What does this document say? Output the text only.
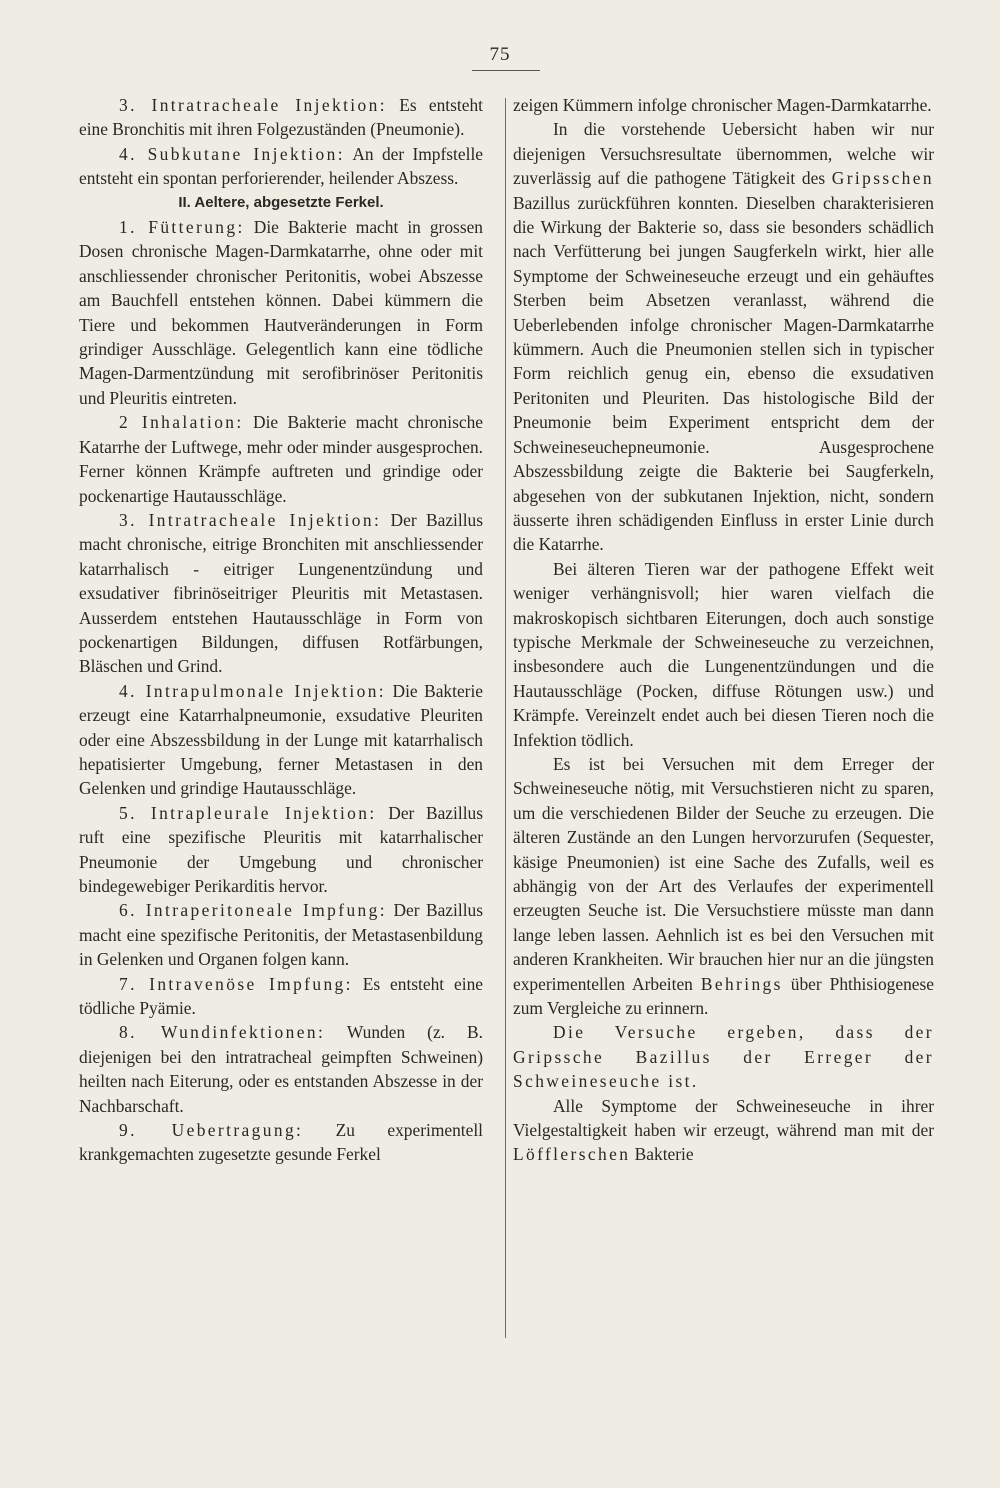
75

3. Intratracheale Injektion: Es entsteht eine Bronchitis mit ihren Folgezuständen (Pneumonie).

4. Subkutane Injektion: An der Impfstelle entsteht ein spontan perforierender, heilender Abszess.

II. Aeltere, abgesetzte Ferkel.

1. Fütterung: Die Bakterie macht in grossen Dosen chronische Magen-Darmkatarrhe, ohne oder mit anschliessender chronischer Peritonitis, wobei Abszesse am Bauchfell entstehen können. Dabei kümmern die Tiere und bekommen Hautveränderungen in Form grindiger Ausschläge. Gelegentlich kann eine tödliche Magen-Darmentzündung mit serofibrinöser Peritonitis und Pleuritis eintreten.

2 Inhalation: Die Bakterie macht chronische Katarrhe der Luftwege, mehr oder minder ausgesprochen. Ferner können Krämpfe auftreten und grindige oder pockenartige Hautausschläge.

3. Intratracheale Injektion: Der Bazillus macht chronische, eitrige Bronchiten mit anschliessender katarrhalisch - eitriger Lungenentzündung und exsudativer fibrinöseitriger Pleuritis mit Metastasen. Ausserdem entstehen Hautausschläge in Form von pockenartigen Bildungen, diffusen Rotfärbungen, Bläschen und Grind.

4. Intrapulmonale Injektion: Die Bakterie erzeugt eine Katarrhalpneumonie, exsudative Pleuriten oder eine Abszessbildung in der Lunge mit katarrhalisch hepatisierter Umgebung, ferner Metastasen in den Gelenken und grindige Hautausschläge.

5. Intrapleurale Injektion: Der Bazillus ruft eine spezifische Pleuritis mit katarrhalischer Pneumonie der Umgebung und chronischer bindegewebiger Perikarditis hervor.

6. Intraperitoneale Impfung: Der Bazillus macht eine spezifische Peritonitis, der Metastasenbildung in Gelenken und Organen folgen kann.

7. Intravenöse Impfung: Es entsteht eine tödliche Pyämie.

8. Wundinfektionen: Wunden (z. B. diejenigen bei den intratracheal geimpften Schweinen) heilten nach Eiterung, oder es entstanden Abszesse in der Nachbarschaft.

9. Uebertragung: Zu experimentell krankgemachten zugesetzte gesunde Ferkel

zeigen Kümmern infolge chronischer Magen-Darmkatarrhe.

In die vorstehende Uebersicht haben wir nur diejenigen Versuchsresultate übernommen, welche wir zuverlässig auf die pathogene Tätigkeit des Gripsschen Bazillus zurückführen konnten. Dieselben charakterisieren die Wirkung der Bakterie so, dass sie besonders schädlich nach Verfütterung bei jungen Saugferkeln wirkt, hier alle Symptome der Schweineseuche erzeugt und ein gehäuftes Sterben beim Absetzen veranlasst, während die Ueberlebenden infolge chronischer Magen-Darmkatarrhe kümmern. Auch die Pneumonien stellen sich in typischer Form reichlich genug ein, ebenso die exsudativen Peritoniten und Pleuriten. Das histologische Bild der Pneumonie beim Experiment entspricht dem der Schweineseuchepneumonie. Ausgesprochene Abszessbildung zeigte die Bakterie bei Saugferkeln, abgesehen von der subkutanen Injektion, nicht, sondern äusserte ihren schädigenden Einfluss in erster Linie durch die Katarrhe.

Bei älteren Tieren war der pathogene Effekt weit weniger verhängnisvoll; hier waren vielfach die makroskopisch sichtbaren Eiterungen, doch auch sonstige typische Merkmale der Schweineseuche zu verzeichnen, insbesondere auch die Lungenentzündungen und die Hautausschläge (Pocken, diffuse Rötungen usw.) und Krämpfe. Vereinzelt endet auch bei diesen Tieren noch die Infektion tödlich.

Es ist bei Versuchen mit dem Erreger der Schweineseuche nötig, mit Versuchstieren nicht zu sparen, um die verschiedenen Bilder der Seuche zu erzeugen. Die älteren Zustände an den Lungen hervorzurufen (Sequester, käsige Pneumonien) ist eine Sache des Zufalls, weil es abhängig von der Art des Verlaufes der experimentell erzeugten Seuche ist. Die Versuchstiere müsste man dann lange leben lassen. Aehnlich ist es bei den Versuchen mit anderen Krankheiten. Wir brauchen hier nur an die jüngsten experimentellen Arbeiten Behrings über Phthisiogenese zum Vergleiche zu erinnern.

Die Versuche ergeben, dass der Gripssche Bazillus der Erreger der Schweineseuche ist.

Alle Symptome der Schweineseuche in ihrer Vielgestaltigkeit haben wir erzeugt, während man mit der Löfflerschen Bakterie
